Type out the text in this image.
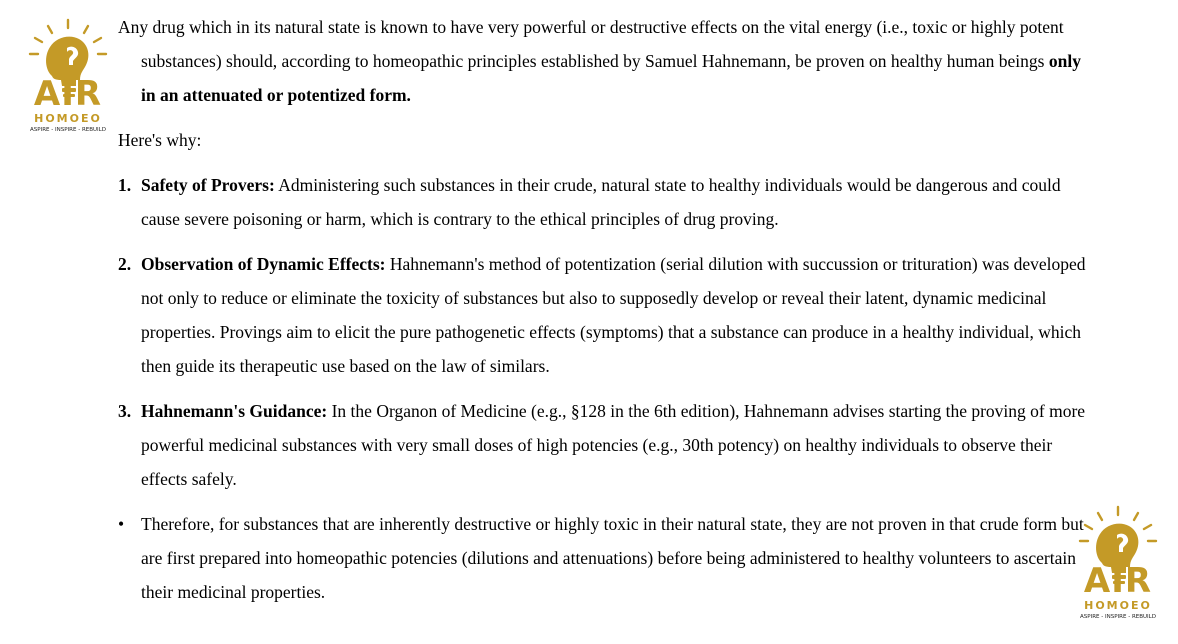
AIR
HOMOEO
ASPIRE - INSPIRE - REBUILD
AIR
HOMOEO
ASPIRE - INSPIRE - REBUILD

Any drug which in its natural state is known to have very powerful or destructive effects on the vital energy (i.e., toxic or highly potent substances) should, according to homeopathic principles established by Samuel Hahnemann, be proven on healthy human beings only in an attenuated or potentized form.

Here's why:

1. Safety of Provers: Administering such substances in their crude, natural state to healthy individuals would be dangerous and could cause severe poisoning or harm, which is contrary to the ethical principles of drug proving.
2. Observation of Dynamic Effects: Hahnemann's method of potentization (serial dilution with succussion or trituration) was developed not only to reduce or eliminate the toxicity of substances but also to supposedly develop or reveal their latent, dynamic medicinal properties. Provings aim to elicit the pure pathogenetic effects (symptoms) that a substance can produce in a healthy individual, which then guide its therapeutic use based on the law of similars.
3. Hahnemann's Guidance: In the Organon of Medicine (e.g., §128 in the 6th edition), Hahnemann advises starting the proving of more powerful medicinal substances with very small doses of high potencies (e.g., 30th potency) on healthy individuals to observe their effects safely.
• Therefore, for substances that are inherently destructive or highly toxic in their natural state, they are not proven in that crude form but are first prepared into homeopathic potencies (dilutions and attenuations) before being administered to healthy volunteers to ascertain their medicinal properties.
